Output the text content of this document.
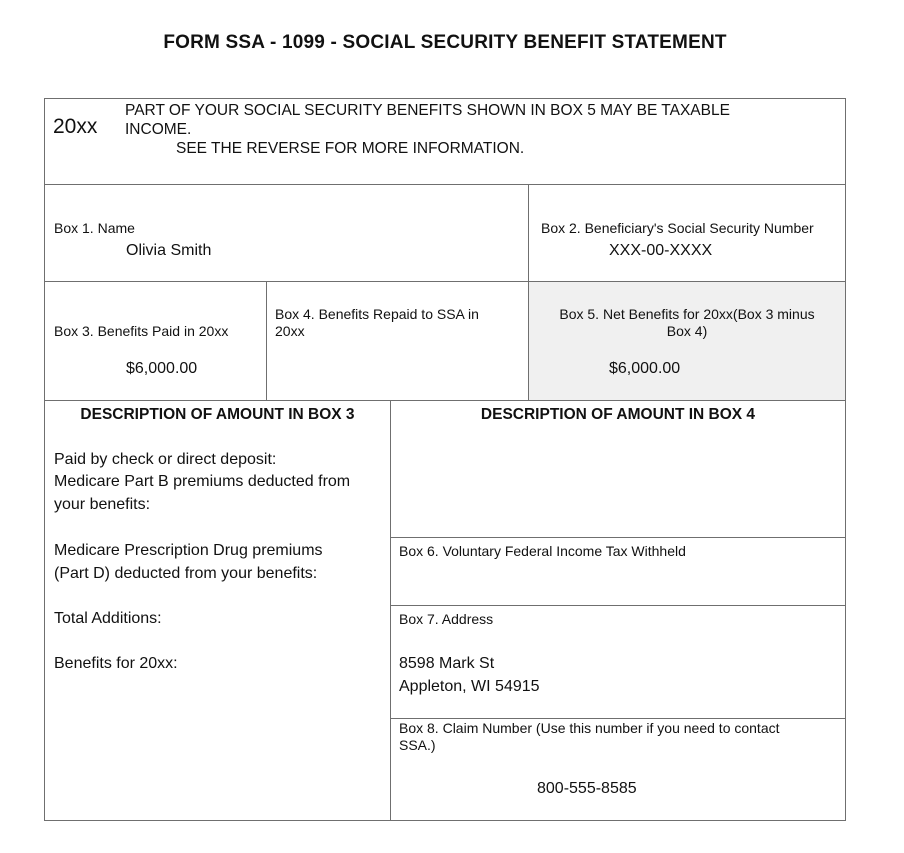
FORM SSA - 1099 - SOCIAL SECURITY BENEFIT STATEMENT
20xx
PART OF YOUR SOCIAL SECURITY BENEFITS SHOWN IN BOX 5 MAY BE TAXABLE
INCOME.
SEE THE REVERSE FOR MORE INFORMATION.
Box 1. Name
Olivia Smith
Box 2. Beneficiary's Social Security Number
XXX-00-XXXX
Box 3. Benefits Paid in 20xx
$6,000.00
Box 4. Benefits Repaid to SSA in
20xx
Box 5. Net Benefits for 20xx(Box 3 minus
Box 4)
$6,000.00
DESCRIPTION OF AMOUNT IN BOX 3
Paid by check or direct deposit:
Medicare Part B premiums deducted from
your benefits:
Medicare Prescription Drug premiums
(Part D) deducted from your benefits:
Total Additions:
Benefits for 20xx:
DESCRIPTION OF AMOUNT IN BOX 4
Box 6. Voluntary Federal Income Tax Withheld
Box 7. Address
8598 Mark St
Appleton, WI 54915
Box 8. Claim Number (Use this number if you need to contact
SSA.)
800-555-8585
